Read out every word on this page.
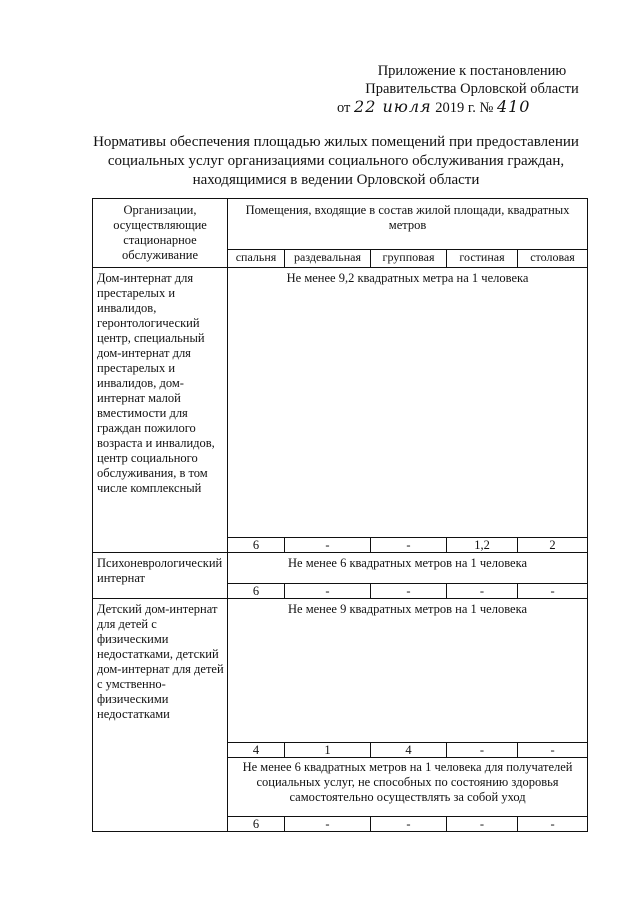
Приложение к постановлению
Правительства Орловской области
от 22 июля 2019 г. № 410
Нормативы обеспечения площадью жилых помещений при предоставлении социальных услуг организациями социального обслуживания граждан, находящимися в ведении Орловской области
Организации, осуществляющие стационарное обслуживание	Помещения, входящие в состав жилой площади, квадратных метров				
	спальня	раздевальная	групповая	гостиная	столовая
Дом-интернат для престарелых и инвалидов, геронтологический центр, специальный дом-интернат для престарелых и инвалидов, дом-интернат малой вместимости для граждан пожилого возраста и инвалидов, центр социального обслуживания, в том числе комплексный	Не менее 9,2 квадратных метра на 1 человека				
	6	-	-	1,2	2
Психоневрологический интернат	Не менее 6 квадратных метров на 1 человека				
	6	-	-	-	-
Детский дом-интернат для детей с физическими недостатками, детский дом-интернат для детей с умственно-физическими недостатками	Не менее 9 квадратных метров на 1 человека				
	4	1	4	-	-
	Не менее 6 квадратных метров на 1 человека для получателей социальных услуг, не способных по состоянию здоровья самостоятельно осуществлять за собой уход				
	6	-	-	-	-
